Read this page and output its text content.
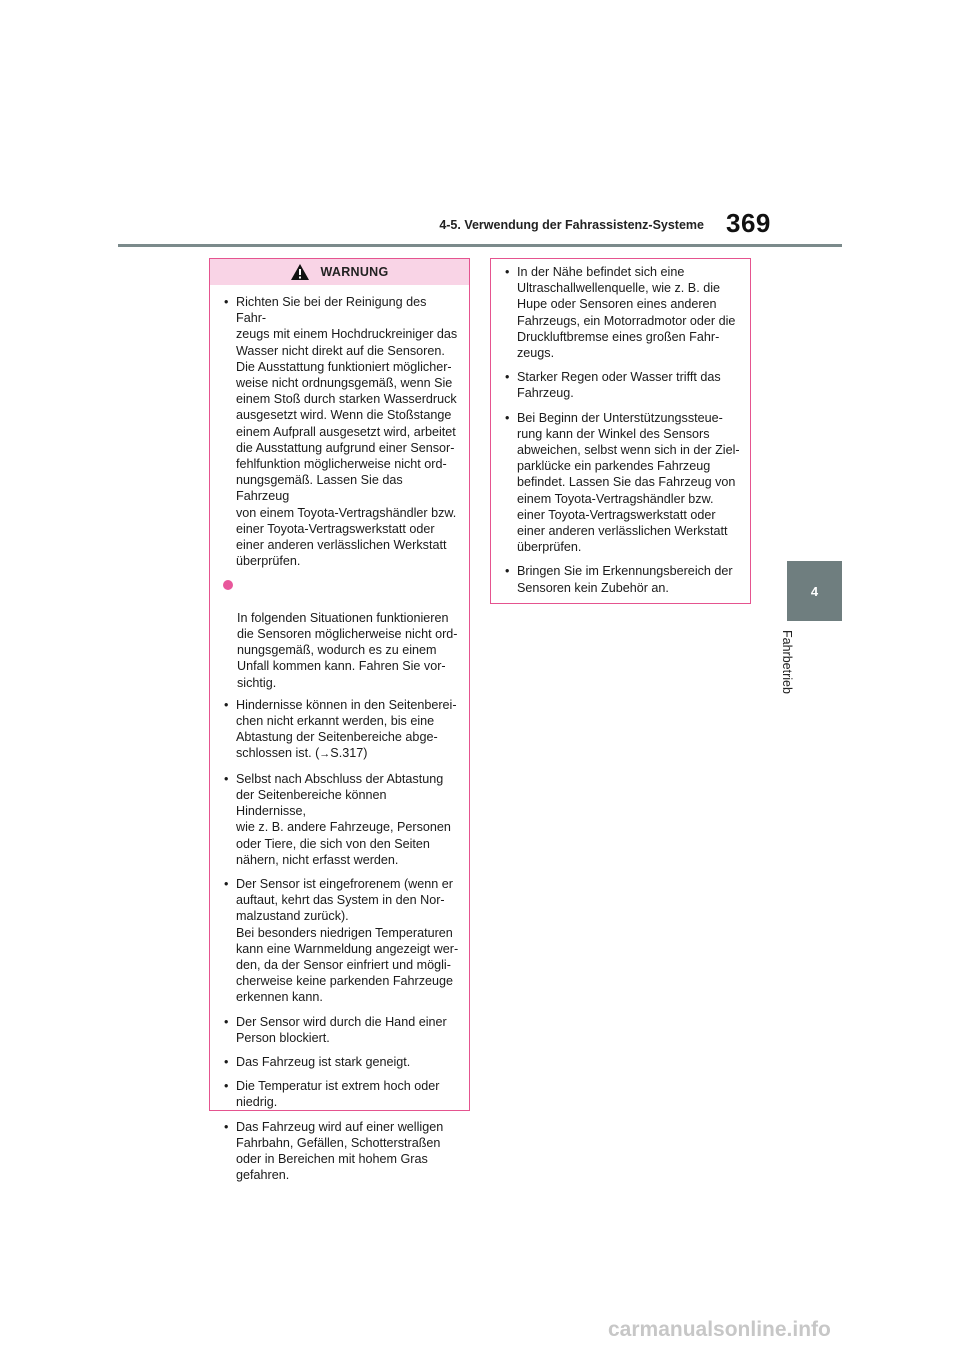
4-5. Verwendung der Fahrassistenz-Systeme 369
4
Fahrbetrieb
WARNUNG
• Richten Sie bei der Reinigung des Fahr-
zeugs mit einem Hochdruckreiniger das
Wasser nicht direkt auf die Sensoren.
Die Ausstattung funktioniert möglicher-
weise nicht ordnungsgemäß, wenn Sie
einem Stoß durch starken Wasserdruck
ausgesetzt wird. Wenn die Stoßstange
einem Aufprall ausgesetzt wird, arbeitet
die Ausstattung aufgrund einer Sensor-
fehlfunktion möglicherweise nicht ord-
nungsgemäß. Lassen Sie das Fahrzeug
von einem Toyota-Vertragshändler bzw.
einer Toyota-Vertragswerkstatt oder
einer anderen verlässlichen Werkstatt
überprüfen.

In folgenden Situationen funktionieren
die Sensoren möglicherweise nicht ord-
nungsgemäß, wodurch es zu einem
Unfall kommen kann. Fahren Sie vor-
sichtig.

• Hindernisse können in den Seitenberei-
chen nicht erkannt werden, bis eine
Abtastung der Seitenbereiche abge-
schlossen ist. (→S.317)
• Selbst nach Abschluss der Abtastung
der Seitenbereiche können Hindernisse,
wie z. B. andere Fahrzeuge, Personen
oder Tiere, die sich von den Seiten
nähern, nicht erfasst werden.
• Der Sensor ist eingefrorenem (wenn er
auftaut, kehrt das System in den Nor-
malzustand zurück).
Bei besonders niedrigen Temperaturen
kann eine Warnmeldung angezeigt wer-
den, da der Sensor einfriert und mögli-
cherweise keine parkenden Fahrzeuge
erkennen kann.
• Der Sensor wird durch die Hand einer
Person blockiert.
• Das Fahrzeug ist stark geneigt.
• Die Temperatur ist extrem hoch oder
niedrig.
• Das Fahrzeug wird auf einer welligen
Fahrbahn, Gefällen, Schotterstraßen
oder in Bereichen mit hohem Gras
gefahren.
• In der Nähe befindet sich eine
Ultraschallwellenquelle, wie z. B. die
Hupe oder Sensoren eines anderen
Fahrzeugs, ein Motorradmotor oder die
Druckluftbremse eines großen Fahr-
zeugs.
• Starker Regen oder Wasser trifft das
Fahrzeug.
• Bei Beginn der Unterstützungssteue-
rung kann der Winkel des Sensors
abweichen, selbst wenn sich in der Ziel-
parklücke ein parkendes Fahrzeug
befindet. Lassen Sie das Fahrzeug von
einem Toyota-Vertragshändler bzw.
einer Toyota-Vertragswerkstatt oder
einer anderen verlässlichen Werkstatt
überprüfen.
• Bringen Sie im Erkennungsbereich der
Sensoren kein Zubehör an.
carmanualsonline.info
